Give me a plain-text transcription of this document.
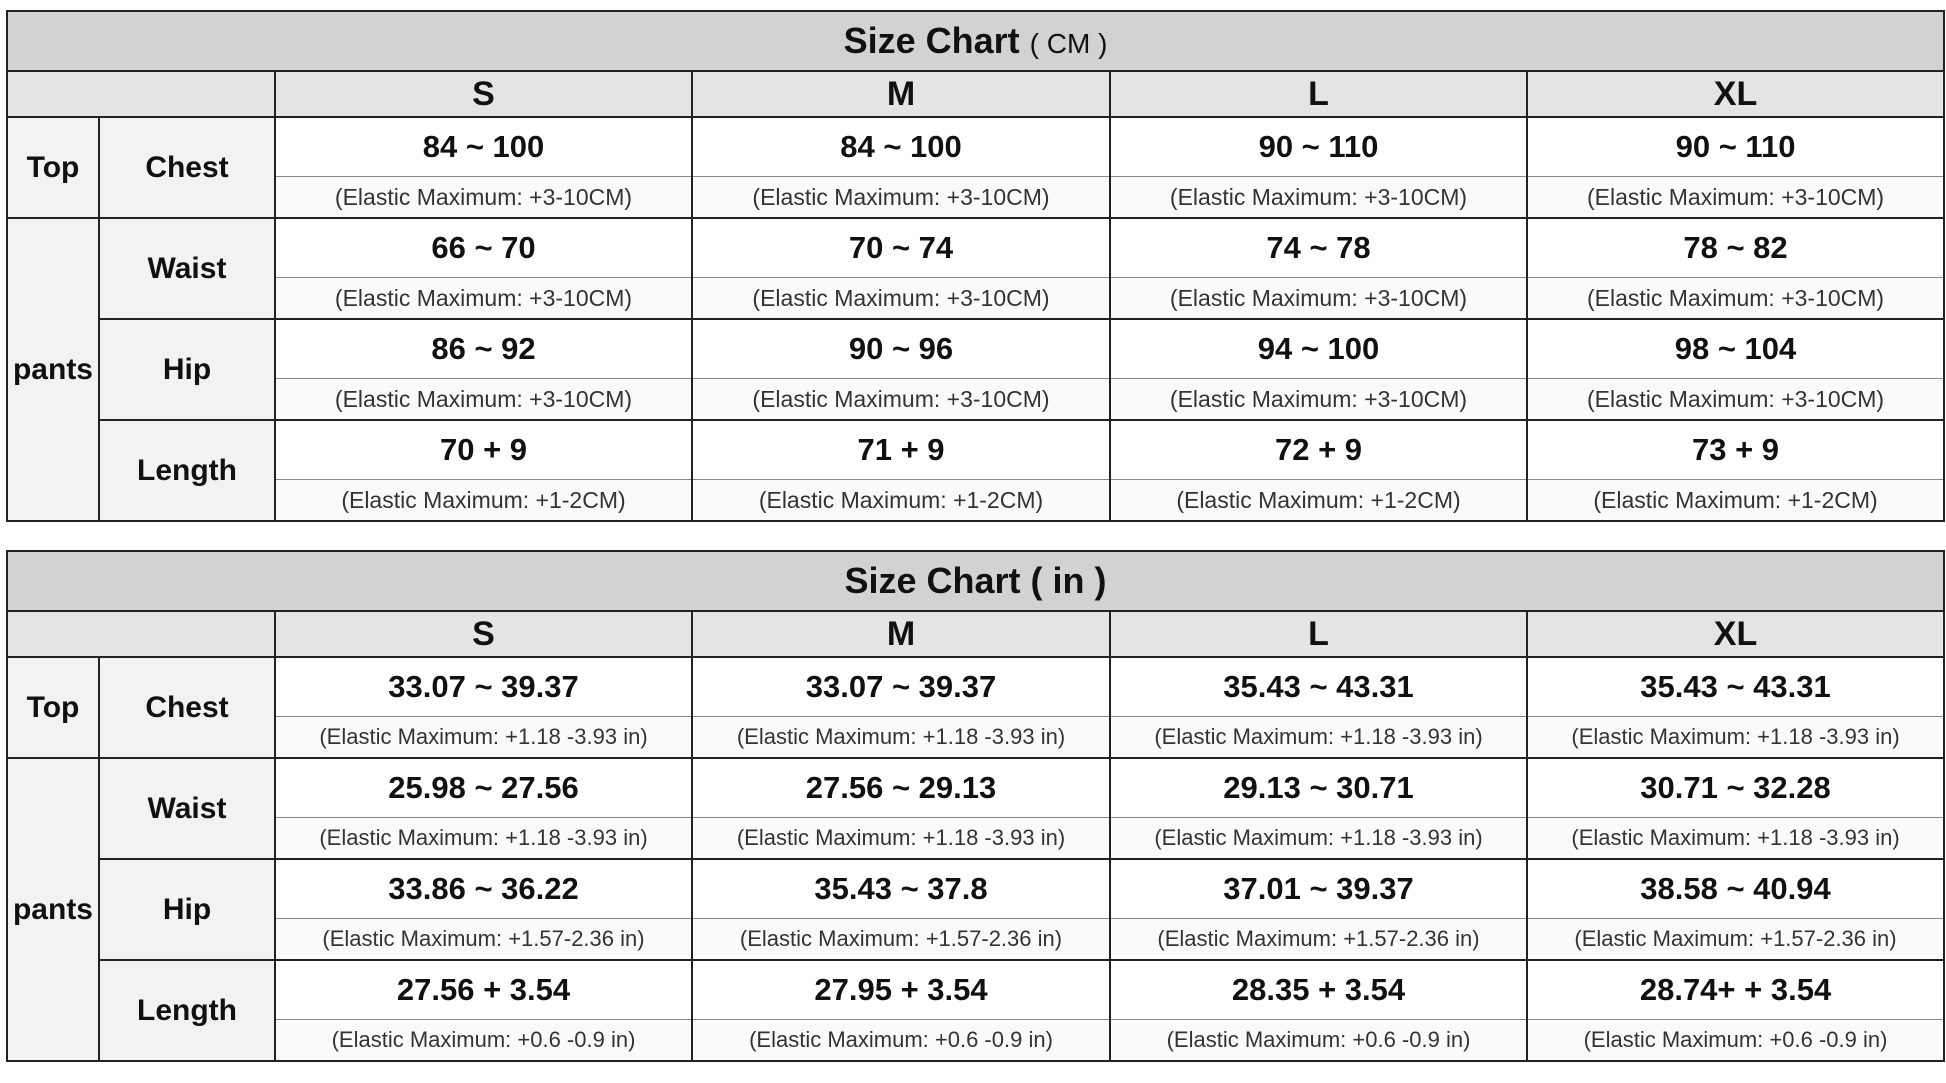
Size Chart ( CM )					
		S	M	L	XL
Top	Chest	84 ~ 100	84 ~ 100	90 ~ 110	90 ~ 110
		(Elastic Maximum: +3-10CM)	(Elastic Maximum: +3-10CM)	(Elastic Maximum: +3-10CM)	(Elastic Maximum: +3-10CM)
pants	Waist	66 ~ 70	70 ~ 74	74 ~ 78	78 ~ 82
		(Elastic Maximum: +3-10CM)	(Elastic Maximum: +3-10CM)	(Elastic Maximum: +3-10CM)	(Elastic Maximum: +3-10CM)
	Hip	86 ~ 92	90 ~ 96	94 ~ 100	98 ~ 104
		(Elastic Maximum: +3-10CM)	(Elastic Maximum: +3-10CM)	(Elastic Maximum: +3-10CM)	(Elastic Maximum: +3-10CM)
	Length	70 + 9	71 + 9	72 + 9	73 + 9
		(Elastic Maximum: +1-2CM)	(Elastic Maximum: +1-2CM)	(Elastic Maximum: +1-2CM)	(Elastic Maximum: +1-2CM)
Size Chart ( in )					
		S	M	L	XL
Top	Chest	33.07 ~ 39.37	33.07 ~ 39.37	35.43 ~ 43.31	35.43 ~ 43.31
		(Elastic Maximum: +1.18 -3.93 in)	(Elastic Maximum: +1.18 -3.93 in)	(Elastic Maximum: +1.18 -3.93 in)	(Elastic Maximum: +1.18 -3.93 in)
pants	Waist	25.98 ~ 27.56	27.56 ~ 29.13	29.13 ~ 30.71	30.71 ~ 32.28
		(Elastic Maximum: +1.18 -3.93 in)	(Elastic Maximum: +1.18 -3.93 in)	(Elastic Maximum: +1.18 -3.93 in)	(Elastic Maximum: +1.18 -3.93 in)
	Hip	33.86 ~ 36.22	35.43 ~ 37.8	37.01 ~ 39.37	38.58 ~ 40.94
		(Elastic Maximum: +1.57-2.36 in)	(Elastic Maximum: +1.57-2.36 in)	(Elastic Maximum: +1.57-2.36 in)	(Elastic Maximum: +1.57-2.36 in)
	Length	27.56 + 3.54	27.95 + 3.54	28.35 + 3.54	28.74+ + 3.54
		(Elastic Maximum: +0.6 -0.9 in)	(Elastic Maximum: +0.6 -0.9 in)	(Elastic Maximum: +0.6 -0.9 in)	(Elastic Maximum: +0.6 -0.9 in)
